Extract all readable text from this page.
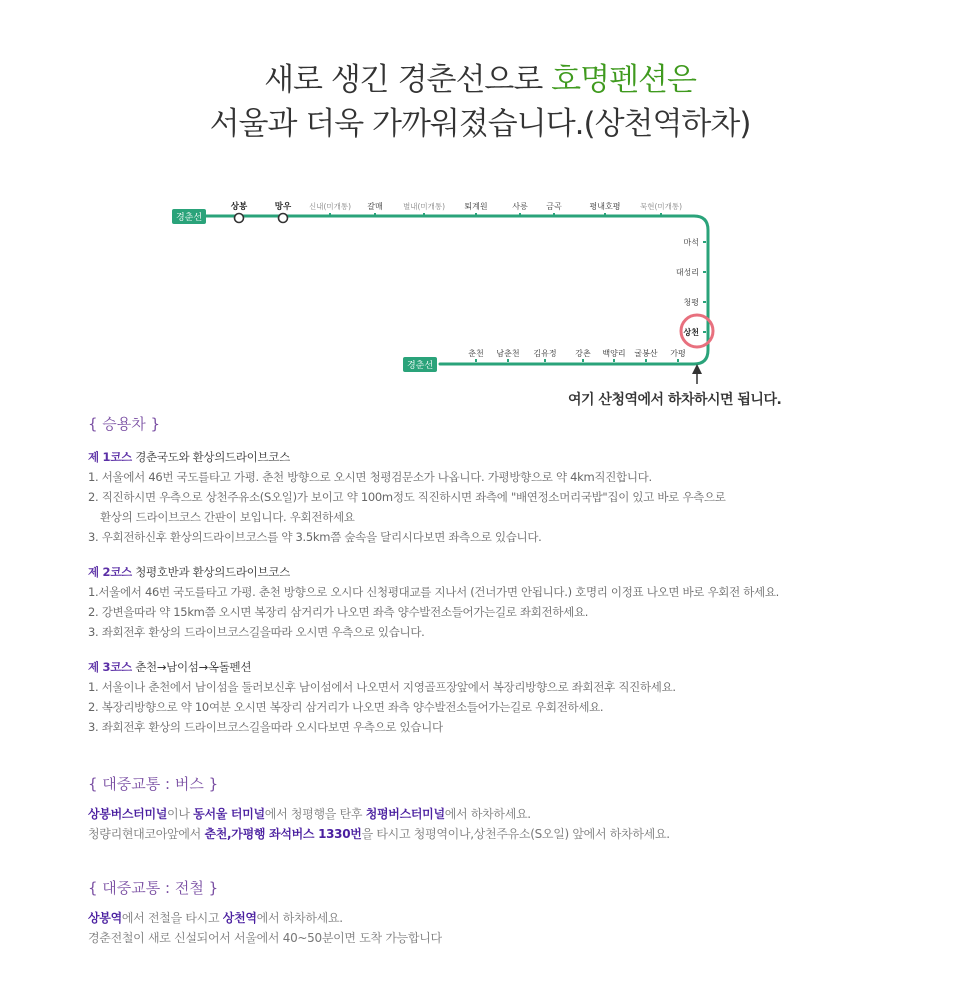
새로 생긴 경춘선으로 호명펜션은
서울과 더욱 가까워졌습니다.(상천역하차)
경춘선
경춘선
상봉	망우 신내(미개통) 갈매	별내(미개통) 퇴계원	사릉 금곡	평내호평	묵현(미개통)
마석
대성리
청평
상천
춘천 남춘천 김유정 강촌 백양리 굴봉산 가평
여기 산청역에서 하차하시면 됩니다.
{ 승용차 }
제 1코스 경춘국도와 환상의드라이브코스
1. 서울에서 46번 국도를타고 가평. 춘천 방향으로 오시면 청평검문소가 나옵니다. 가평방향으로 약 4km직진합니다.
2. 직진하시면 우측으로 상천주유소(S오일)가 보이고 약 100m정도 직진하시면 좌측에 "배연정소머리국밥"집이 있고 바로 우측으로
환상의 드라이브코스 간판이 보입니다. 우회전하세요
3. 우회전하신후 환상의드라이브코스를 약 3.5km쯤 숲속을 달리시다보면 좌측으로 있습니다.
제 2코스 청평호반과 환상의드라이브코스
1.서울에서 46번 국도를타고 가평. 춘천 방향으로 오시다 신청평대교를 지나서 (건너가면 안됩니다.) 호명리 이정표 나오면 바로 우회전 하세요.
2. 강변을따라 약 15km쯤 오시면 복장리 삼거리가 나오면 좌측 양수발전소들어가는길로 좌회전하세요.
3. 좌회전후 환상의 드라이브코스길을따라 오시면 우측으로 있습니다.
제 3코스 춘천→남이섬→옥돌펜션
1. 서울이나 춘천에서 남이섬을 둘러보신후 남이섬에서 나오면서 지영골프장앞에서 복장리방향으로 좌회전후 직진하세요.
2. 복장리방향으로 약 10여분 오시면 복장리 삼거리가 나오면 좌측 양수발전소들어가는길로 우회전하세요.
3. 좌회전후 환상의 드라이브코스길을따라 오시다보면 우측으로 있습니다
{ 대중교통 : 버스 }
상봉버스터미널이나 동서울 터미널에서 청평행을 탄후 청평버스터미널에서 하차하세요.
청량리현대코아앞에서 춘천,가평행 좌석버스 1330번을 타시고 청평역이나,상천주유소(S오일) 앞에서 하차하세요.
{ 대중교통 : 전철 }
상봉역에서 전철을 타시고 상천역에서 하차하세요.
경춘전철이 새로 신설되어서 서울에서 40~50분이면 도착 가능합니다
